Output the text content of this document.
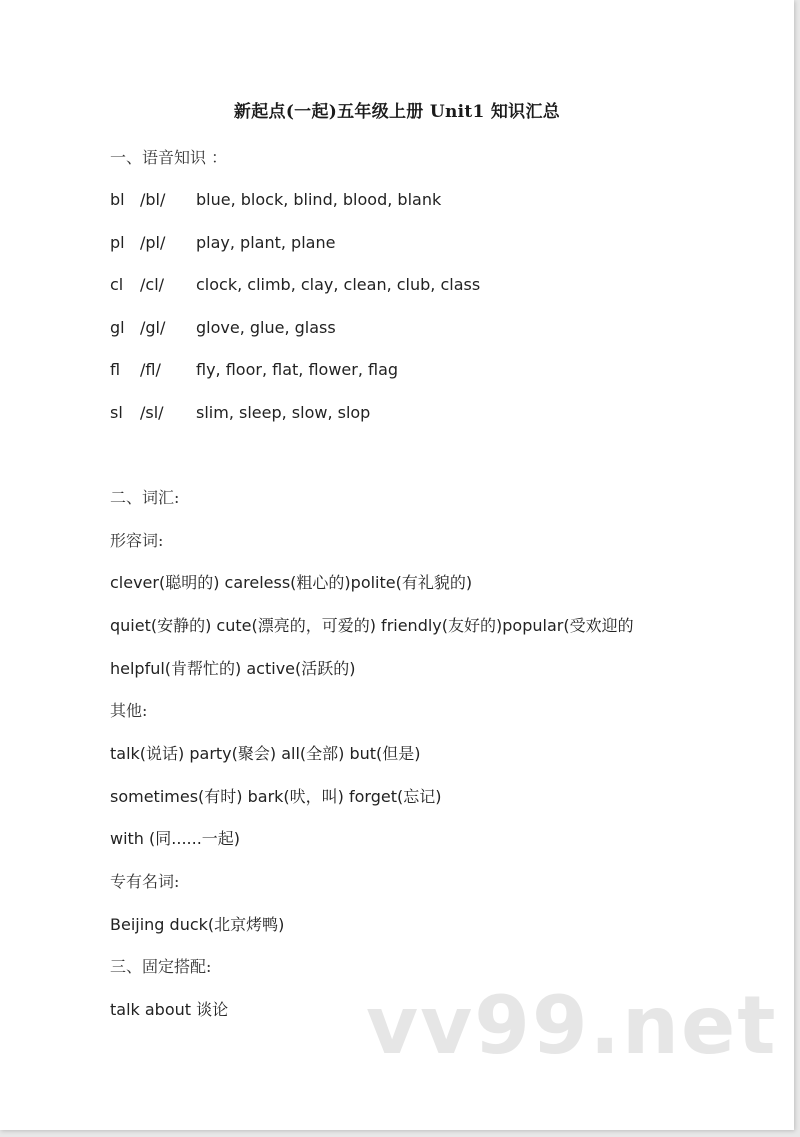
新起点(一起)五年级上册 Unit1 知识汇总
一、语音知识 ：
bl /bl/ blue, block, blind, blood, blank
pl /pl/ play, plant, plane
cl /cl/ clock, climb, clay, clean, club, class
gl /gl/ glove, glue, glass
fl /fl/ fly, floor, flat, flower, flag
sl /sl/ slim, sleep, slow, slop
二、词汇:
形容词:
clever(聪明的) careless(粗心的)polite(有礼貌的)
quiet(安静的) cute(漂亮的，可爱的) friendly(友好的)popular(受欢迎的
helpful(肯帮忙的) active(活跃的)
其他:
talk(说话) party(聚会) all(全部) but(但是)
sometimes(有时) bark(吠，叫) forget(忘记)
with (同......一起)
专有名词:
Beijing duck(北京烤鸭)
三、固定搭配:
talk about 谈论 vv99.net
